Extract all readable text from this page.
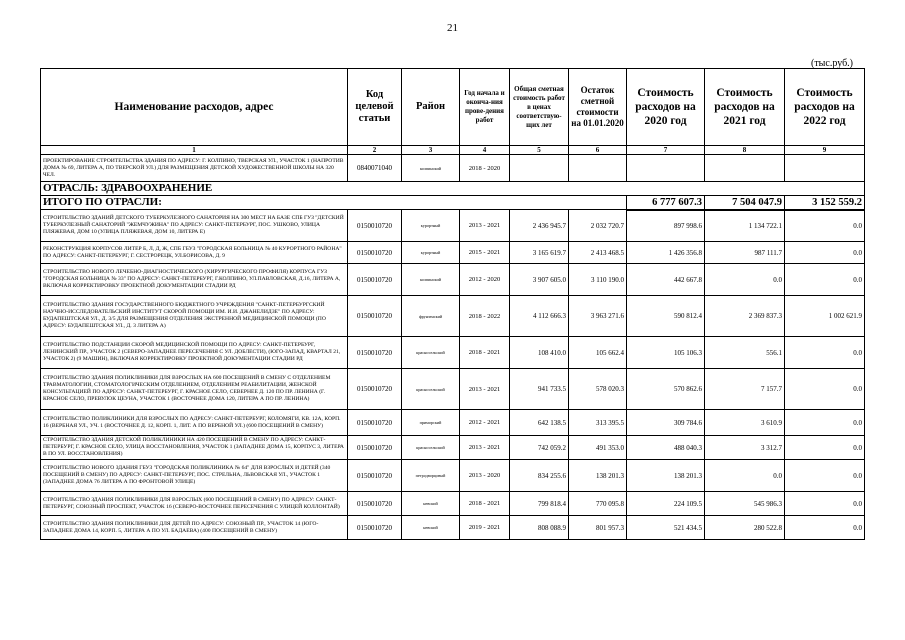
21
(тыс.руб.)
Наименование расходов, адрес	Код целевой статьи	Район	Год начала и оконча-ния прове-дения работ	Общая сметная стоимость работ в ценах соответствую-щих лет	Остаток сметной стоимости на 01.01.2020	Стоимость расходов на 2020 год	Стоимость расходов на 2021 год	Стоимость расходов на 2022 год
1	2	3	4	5	6	7	8	9
ПРОЕКТИРОВАНИЕ СТРОИТЕЛЬСТВА ЗДАНИЯ ПО АДРЕСУ: Г. КОЛПИНО, ТВЕРСКАЯ УЛ., УЧАСТОК 1 (НАПРОТИВ ДОМА № 69, ЛИТЕРА А, ПО ТВЕРСКОЙ УЛ.) ДЛЯ РАЗМЕЩЕНИЯ ДЕТСКОЙ ХУДОЖЕСТВЕННОЙ ШКОЛЫ НА 320 ЧЕЛ.	0840071040	колпинский	2018 - 2020					
ОТРАСЛЬ: ЗДРАВООХРАНЕНИЕ								
ИТОГО ПО ОТРАСЛИ:						6 777 607.3	7 504 047.9	3 152 559.2
СТРОИТЕЛЬСТВО ЗДАНИЙ ДЕТСКОГО ТУБЕРКУЛЕЗНОГО САНАТОРИЯ НА 300 МЕСТ НА БАЗЕ СПБ ГУЗ "ДЕТСКИЙ ТУБЕРКУЛЕЗНЫЙ САНАТОРИЙ "ЖЕМЧУЖИНА" ПО АДРЕСУ: САНКТ-ПЕТЕРБУРГ, ПОС. УШКОВО, УЛИЦА ПЛЯЖЕВАЯ, ДОМ 10 (УЛИЦА ПЛЯЖЕВАЯ, ДОМ 10, ЛИТЕРА Е)	0150010720	курортный	2013 - 2021	2 436 945.7	2 032 720.7	897 998.6	1 134 722.1	0.0
РЕКОНСТРУКЦИЯ КОРПУСОВ ЛИТЕР Б, Л, Д, Ж, СПБ ГБУЗ "ГОРОДСКАЯ БОЛЬНИЦА № 40 КУРОРТНОГО РАЙОНА" ПО АДРЕСУ: САНКТ-ПЕТЕРБУРГ, Г. СЕСТРОРЕЦК, УЛ.БОРИСОВА, Д. 9	0150010720	курортный	2015 - 2021	3 165 619.7	2 413 468.5	1 426 356.8	987 111.7	0.0
СТРОИТЕЛЬСТВО НОВОГО ЛЕЧЕБНО-ДИАГНОСТИЧЕСКОГО (ХИРУРГИЧЕСКОГО ПРОФИЛЯ) КОРПУСА ГУЗ "ГОРОДСКАЯ БОЛЬНИЦА № 33" ПО АДРЕСУ: САНКТ-ПЕТЕРБУРГ, Г.КОЛПИНО, УЛ.ПАВЛОВСКАЯ, Д.16, ЛИТЕРА А, ВКЛЮЧАЯ КОРРЕКТИРОВКУ ПРОЕКТНОЙ ДОКУМЕНТАЦИИ СТАДИИ РД	0150010720	колпинский	2012 - 2020	3 907 605.0	3 110 190.0	442 667.8	0.0	0.0
СТРОИТЕЛЬСТВО ЗДАНИЯ ГОСУДАРСТВЕННОГО БЮДЖЕТНОГО УЧРЕЖДЕНИЯ "САНКТ-ПЕТЕРБУРГСКИЙ НАУЧНО-ИССЛЕДОВАТЕЛЬСКИЙ ИНСТИТУТ СКОРОЙ ПОМОЩИ ИМ. И.И. ДЖАНЕЛИДЗЕ" ПО АДРЕСУ: БУДАПЕШТСКАЯ УЛ., Д. 3/5 ДЛЯ РАЗМЕЩЕНИЯ ОТДЕЛЕНИЯ ЭКСТРЕННОЙ МЕДИЦИНСКОЙ ПОМОЩИ (ПО АДРЕСУ: БУДАПЕШТСКАЯ УЛ., Д. 3 ЛИТЕРА А)	0150010720	фрунзенский	2018 - 2022	4 112 666.3	3 963 271.6	590 812.4	2 369 837.3	1 002 621.9
СТРОИТЕЛЬСТВО ПОДСТАНЦИИ СКОРОЙ МЕДИЦИНСКОЙ ПОМОЩИ ПО АДРЕСУ: САНКТ-ПЕТЕРБУРГ, ЛЕНИНСКИЙ ПР., УЧАСТОК 2 (СЕВЕРО-ЗАПАДНЕЕ ПЕРЕСЕЧЕНИЯ С УЛ. ДОБЛЕСТИ), (ЮГО-ЗАПАД, КВАРТАЛ 21, УЧАСТОК 2) (9 МАШИН), ВКЛЮЧАЯ КОРРЕКТИРОВКУ ПРОЕКТНОЙ ДОКУМЕНТАЦИИ СТАДИИ РД	0150010720	красносельский	2018 - 2021	108 410.0	105 662.4	105 106.3	556.1	0.0
СТРОИТЕЛЬСТВО ЗДАНИЯ ПОЛИКЛИНИКИ ДЛЯ ВЗРОСЛЫХ НА 600 ПОСЕЩЕНИЙ В СМЕНУ С ОТДЕЛЕНИЕМ ТРАВМАТОЛОГИИ, СТОМАТОЛОГИЧЕСКИМ ОТДЕЛЕНИЕМ, ОТДЕЛЕНИЕМ РЕАБИЛИТАЦИИ, ЖЕНСКОЙ КОНСУЛЬТАЦИЕЙ ПО АДРЕСУ: САНКТ-ПЕТЕРБУРГ, Г. КРАСНОЕ СЕЛО, СЕВЕРНЕЕ Д. 120 ПО ПР. ЛЕНИНА (Г. КРАСНОЕ СЕЛО, ПРЕВУЛОК ЦЕУНА, УЧАСТОК 1 (ВОСТОЧНЕЕ ДОМА 120, ЛИТЕРА А ПО ПР. ЛЕНИНА)	0150010720	красносельский	2013 - 2021	941 733.5	578 020.3	570 862.6	7 157.7	0.0
СТРОИТЕЛЬСТВО ПОЛИКЛИНИКИ ДЛЯ ВЗРОСЛЫХ ПО АДРЕСУ: САНКТ-ПЕТЕРБУРГ, КОЛОМЯГИ, КВ. 12А, КОРП. 16 (ВЕРБНАЯ УЛ., УЧ. 1 (ВОСТОЧНЕЕ Д. 12, КОРП. 1, ЛИТ. А ПО ВЕРБНОЙ УЛ.) (600 ПОСЕЩЕНИЙ В СМЕНУ)	0150010720	приморский	2012 - 2021	642 138.5	313 395.5	309 784.6	3 610.9	0.0
СТРОИТЕЛЬСТВО ЗДАНИЯ ДЕТСКОЙ ПОЛИКЛИНИКИ НА 420 ПОСЕЩЕНИЙ В СМЕНУ ПО АДРЕСУ: САНКТ-ПЕТЕРБУРГ, Г. КРАСНОЕ СЕЛО, УЛИЦА ВОССТАНОВЛЕНИЯ, УЧАСТОК 1 (ЗАПАДНЕЕ ДОМА 15, КОРПУС 3, ЛИТЕРА В ПО УЛ. ВОССТАНОВЛЕНИЯ)	0150010720	красносельский	2013 - 2021	742 059.2	491 353.0	488 040.3	3 312.7	0.0
СТРОИТЕЛЬСТВО НОВОГО ЗДАНИЯ ГБУЗ "ГОРОДСКАЯ ПОЛИКЛИНИКА № 64" ДЛЯ ВЗРОСЛЫХ И ДЕТЕЙ (340 ПОСЕЩЕНИЙ В СМЕНУ) ПО АДРЕСУ: САНКТ-ПЕТЕРБУРГ, ПОС. СТРЕЛЬНА, ЛЬВОВСКАЯ УЛ., УЧАСТОК 1 (ЗАПАДНЕЕ ДОМА 76 ЛИТЕРА А ПО ФРОНТОВОЙ УЛИЦЕ)	0150010720	петродворцовый	2013 - 2020	834 255.6	138 201.3	138 201.3	0.0	0.0
СТРОИТЕЛЬСТВО ЗДАНИЯ ПОЛИКЛИНИКИ ДЛЯ ВЗРОСЛЫХ (600 ПОСЕЩЕНИЙ В СМЕНУ) ПО АДРЕСУ: САНКТ-ПЕТЕРБУРГ, СОЮЗНЫЙ ПРОСПЕКТ, УЧАСТОК 16 (СЕВЕРО-ВОСТОЧНЕЕ ПЕРЕСЕЧЕНИЯ С УЛИЦЕЙ КОЛЛОНТАЙ)	0150010720	невский	2018 - 2021	799 818.4	770 095.8	224 109.5	545 986.3	0.0
СТРОИТЕЛЬСТВО ЗДАНИЯ ПОЛИКЛИНИКИ ДЛЯ ДЕТЕЙ ПО АДРЕСУ: СОЮЗНЫЙ ПР., УЧАСТОК 14 (ЮГО-ЗАПАДНЕЕ ДОМА 14, КОРП. 5, ЛИТЕРА А ПО УЛ. БАДАЕВА) (400 ПОСЕЩЕНИЙ В СМЕНУ)	0150010720	невский	2019 - 2021	808 088.9	801 957.3	521 434.5	280 522.8	0.0
